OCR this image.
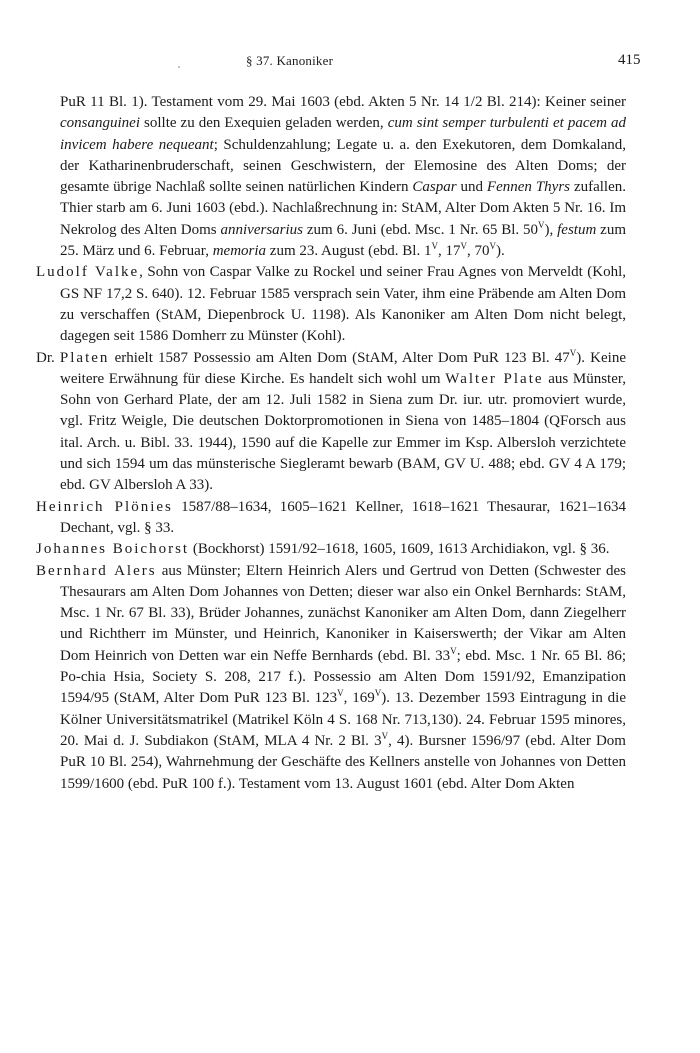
§ 37. Kanoniker	415

PuR 11 Bl. 1). Testament vom 29. Mai 1603 (ebd. Akten 5 Nr. 14 1/2 Bl. 214): Keiner seiner consanguinei sollte zu den Exequien geladen werden, cum sint semper turbulenti et pacem ad invicem habere nequeant; Schuldenzahlung; Legate u. a. den Exekutoren, dem Domkaland, der Katharinenbruderschaft, seinen Geschwistern, der Elemosine des Alten Doms; der gesamte übrige Nachlaß sollte seinen natürlichen Kindern Caspar und Fennen Thyrs zufallen. Thier starb am 6. Juni 1603 (ebd.). Nachlaßrechnung in: StAM, Alter Dom Akten 5 Nr. 16. Im Nekrolog des Alten Doms anniversarius zum 6. Juni (ebd. Msc. 1 Nr. 65 Bl. $50^V$), festum zum 25. März und 6. Februar, memoria zum 23. August (ebd. Bl. $1^V$, $17^V$, $70^V$).

Ludolf Valke, Sohn von Caspar Valke zu Rockel und seiner Frau Agnes von Merveldt (Kohl, GS NF 17,2 S. 640). 12. Februar 1585 versprach sein Vater, ihm eine Präbende am Alten Dom zu verschaffen (StAM, Diepenbrock U. 1198). Als Kanoniker am Alten Dom nicht belegt, dagegen seit 1586 Domherr zu Münster (Kohl).

Dr. Platen erhielt 1587 Possessio am Alten Dom (StAM, Alter Dom PuR 123 Bl. $47^V$). Keine weitere Erwähnung für diese Kirche. Es handelt sich wohl um Walter Plate aus Münster, Sohn von Gerhard Plate, der am 12. Juli 1582 in Siena zum Dr. iur. utr. promoviert wurde, vgl. Fritz Weigle, Die deutschen Doktorpromotionen in Siena von 1485–1804 (QForsch aus ital. Arch. u. Bibl. 33. 1944), 1590 auf die Kapelle zur Emmer im Ksp. Albersloh verzichtete und sich 1594 um das münsterische Siegleramt bewarb (BAM, GV U. 488; ebd. GV 4 A 179; ebd. GV Albersloh A 33).

Heinrich Plönies 1587/88–1634, 1605–1621 Kellner, 1618–1621 Thesaurar, 1621–1634 Dechant, vgl. § 33.

Johannes Boichorst (Bockhorst) 1591/92–1618, 1605, 1609, 1613 Archidiakon, vgl. § 36.

Bernhard Alers aus Münster; Eltern Heinrich Alers und Gertrud von Detten (Schwester des Thesaurars am Alten Dom Johannes von Detten; dieser war also ein Onkel Bernhards: StAM, Msc. 1 Nr. 67 Bl. 33), Brüder Johannes, zunächst Kanoniker am Alten Dom, dann Ziegelherr und Richtherr im Münster, und Heinrich, Kanoniker in Kaiserswerth; der Vikar am Alten Dom Heinrich von Detten war ein Neffe Bernhards (ebd. Bl. $33^V$; ebd. Msc. 1 Nr. 65 Bl. 86; Po-chia Hsia, Society S. 208, 217 f.). Possessio am Alten Dom 1591/92, Emanzipation 1594/95 (StAM, Alter Dom PuR 123 Bl. $123^V$, $169^V$). 13. Dezember 1593 Eintragung in die Kölner Universitätsmatrikel (Matrikel Köln 4 S. 168 Nr. 713,130). 24. Februar 1595 minores, 20. Mai d. J. Subdiakon (StAM, MLA 4 Nr. 2 Bl. $3^V$, 4). Bursner 1596/97 (ebd. Alter Dom PuR 10 Bl. 254), Wahrnehmung der Geschäfte des Kellners anstelle von Johannes von Detten 1599/1600 (ebd. PuR 100 f.). Testament vom 13. August 1601 (ebd. Alter Dom Akten
